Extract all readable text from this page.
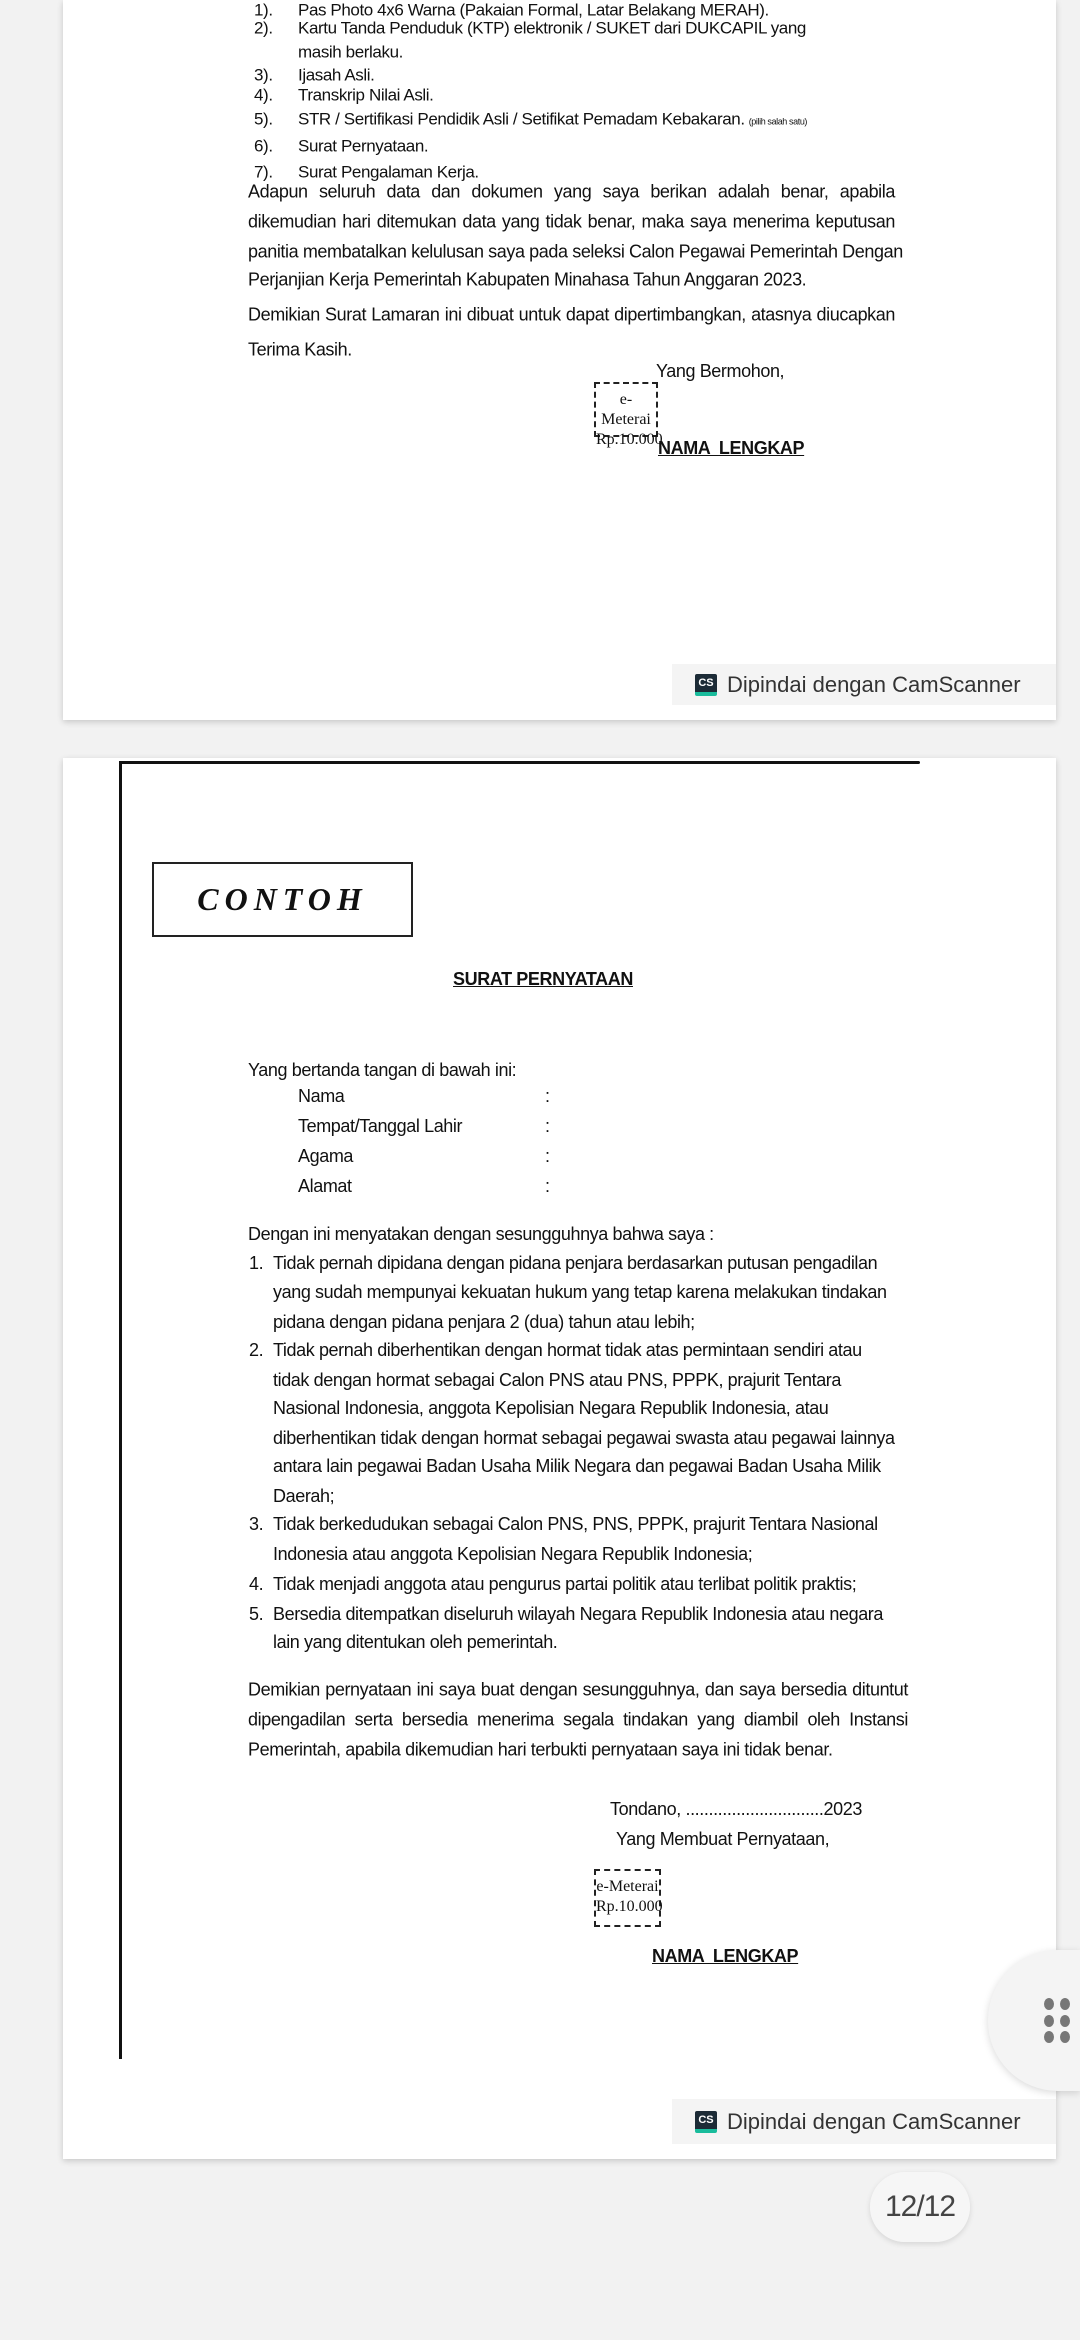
1). Pas Photo 4x6 Warna (Pakaian Formal, Latar Belakang MERAH).
2). Kartu Tanda Penduduk (KTP) elektronik / SUKET dari DUKCAPIL yang
masih berlaku.
3). Ijasah Asli.
4). Transkrip Nilai Asli.
5). STR / Sertifikasi Pendidik Asli / Setifikat Pemadam Kebakaran. (pilih salah satu)
6). Surat Pernyataan.
7). Surat Pengalaman Kerja.
Adapun seluruh data dan dokumen yang saya berikan adalah benar, apabila
dikemudian hari ditemukan data yang tidak benar, maka saya menerima keputusan
panitia membatalkan kelulusan saya pada seleksi Calon Pegawai Pemerintah Dengan
Perjanjian Kerja Pemerintah Kabupaten Minahasa Tahun Anggaran 2023.
Demikian Surat Lamaran ini dibuat untuk dapat dipertimbangkan, atasnya diucapkan
Terima Kasih.
Yang Bermohon,
e-Meterai
Rp.10.000
NAMA  LENGKAP
CS Dipindai dengan CamScanner
CONTOH
SURAT PERNYATAAN
Yang bertanda tangan di bawah ini:
Nama	:
Tempat/Tanggal Lahir	:
Agama	:
Alamat	:
Dengan ini menyatakan dengan sesungguhnya bahwa saya :
1. Tidak pernah dipidana dengan pidana penjara berdasarkan putusan pengadilan
yang sudah mempunyai kekuatan hukum yang tetap karena melakukan tindakan
pidana dengan pidana penjara 2 (dua) tahun atau lebih;
2. Tidak pernah diberhentikan dengan hormat tidak atas permintaan sendiri atau
tidak dengan hormat sebagai Calon PNS atau PNS, PPPK, prajurit Tentara
Nasional Indonesia, anggota Kepolisian Negara Republik Indonesia, atau
diberhentikan tidak dengan hormat sebagai pegawai swasta atau pegawai lainnya
antara lain pegawai Badan Usaha Milik Negara dan pegawai Badan Usaha Milik
Daerah;
3. Tidak berkedudukan sebagai Calon PNS, PNS, PPPK, prajurit Tentara Nasional
Indonesia atau anggota Kepolisian Negara Republik Indonesia;
4. Tidak menjadi anggota atau pengurus partai politik atau terlibat politik praktis;
5. Bersedia ditempatkan diseluruh wilayah Negara Republik Indonesia atau negara
lain yang ditentukan oleh pemerintah.
Demikian pernyataan ini saya buat dengan sesungguhnya, dan saya bersedia dituntut
dipengadilan serta bersedia menerima segala tindakan yang diambil oleh Instansi
Pemerintah, apabila dikemudian hari terbukti pernyataan saya ini tidak benar.
Tondano, ..............................2023
Yang Membuat Pernyataan,
e-Meterai
Rp.10.000
NAMA  LENGKAP
CS Dipindai dengan CamScanner
12/12
